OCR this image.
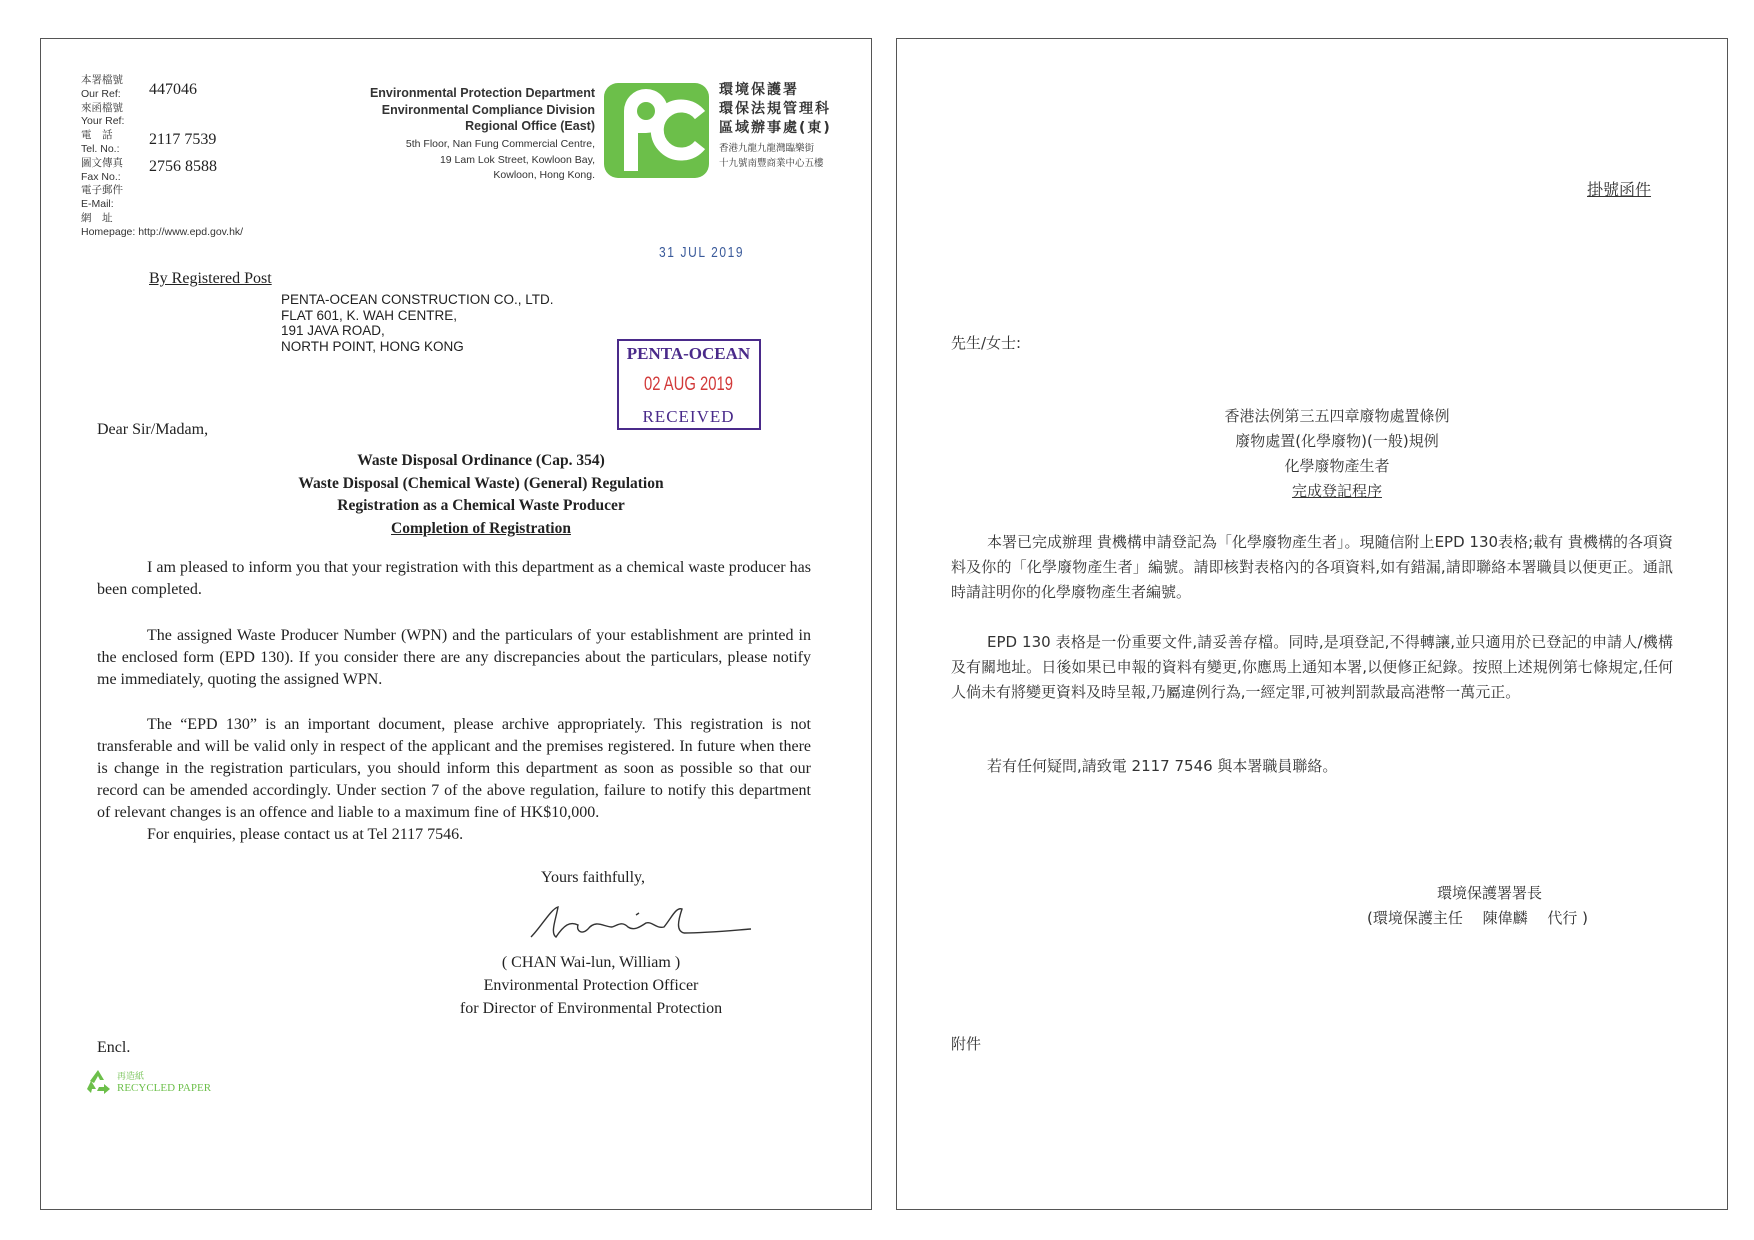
本署檔號
Our Ref:
來函檔號
Your Ref:
電　話
Tel. No.:
圖文傳真
Fax No.:
電子郵件
E-Mail:
網　址
Homepage: http://www.epd.gov.hk/
447046
2117 7539
2756 8588
Environmental Protection Department
Environmental Compliance Division
Regional Office (East)
5th Floor, Nan Fung Commercial Centre,
19 Lam Lok Street, Kowloon Bay,
Kowloon, Hong Kong.
環境保護署
環保法規管理科
區域辦事處(東)
香港九龍九龍灣臨樂街
十九號南豐商業中心五樓
31 JUL 2019
By Registered Post
PENTA-OCEAN CONSTRUCTION CO., LTD.
FLAT 601, K. WAH CENTRE,
191 JAVA ROAD,
NORTH POINT, HONG KONG	PENTA-OCEAN
02 AUG 2019
RECEIVED
Dear Sir/Madam,
Waste Disposal Ordinance (Cap. 354)
Waste Disposal (Chemical Waste) (General) Regulation
Registration as a Chemical Waste Producer
Completion of Registration
I am pleased to inform you that your registration with this department as a chemical waste producer has been completed.
The assigned Waste Producer Number (WPN) and the particulars of your establishment are printed in the enclosed form (EPD 130). If you consider there are any discrepancies about the particulars, please notify me immediately, quoting the assigned WPN.
The “EPD 130” is an important document, please archive appropriately. This registration is not transferable and will be valid only in respect of the applicant and the premises registered. In future when there is change in the registration particulars, you should inform this department as soon as possible so that our record can be amended accordingly. Under section 7 of the above regulation, failure to notify this department of relevant changes is an offence and liable to a maximum fine of HK$10,000.
For enquiries, please contact us at Tel 2117 7546.
Yours faithfully,
( CHAN Wai-lun, William )
Environmental Protection Officer
for Director of Environmental Protection
Encl.
再造紙
RECYCLED PAPER
掛號函件
先生/女士:
香港法例第三五四章廢物處置條例
廢物處置(化學廢物)(一般)規例
化學廢物產生者
完成登記程序
本署已完成辦理 貴機構申請登記為「化學廢物產生者」。現隨信附上EPD 130表格;載有 貴機構的各項資料及你的「化學廢物產生者」編號。請即核對表格內的各項資料,如有錯漏,請即聯絡本署職員以便更正。通訊時請註明你的化學廢物產生者編號。
EPD 130 表格是一份重要文件,請妥善存檔。同時,是項登記,不得轉讓,並只適用於已登記的申請人/機構及有關地址。日後如果已申報的資料有變更,你應馬上通知本署,以便修正紀錄。按照上述規例第七條規定,任何人倘未有將變更資料及時呈報,乃屬違例行為,一經定罪,可被判罰款最高港幣一萬元正。
若有任何疑問,請致電 2117 7546 與本署職員聯絡。
環境保護署署長
(環境保護主任　 陳偉麟　 代行 )
附件
